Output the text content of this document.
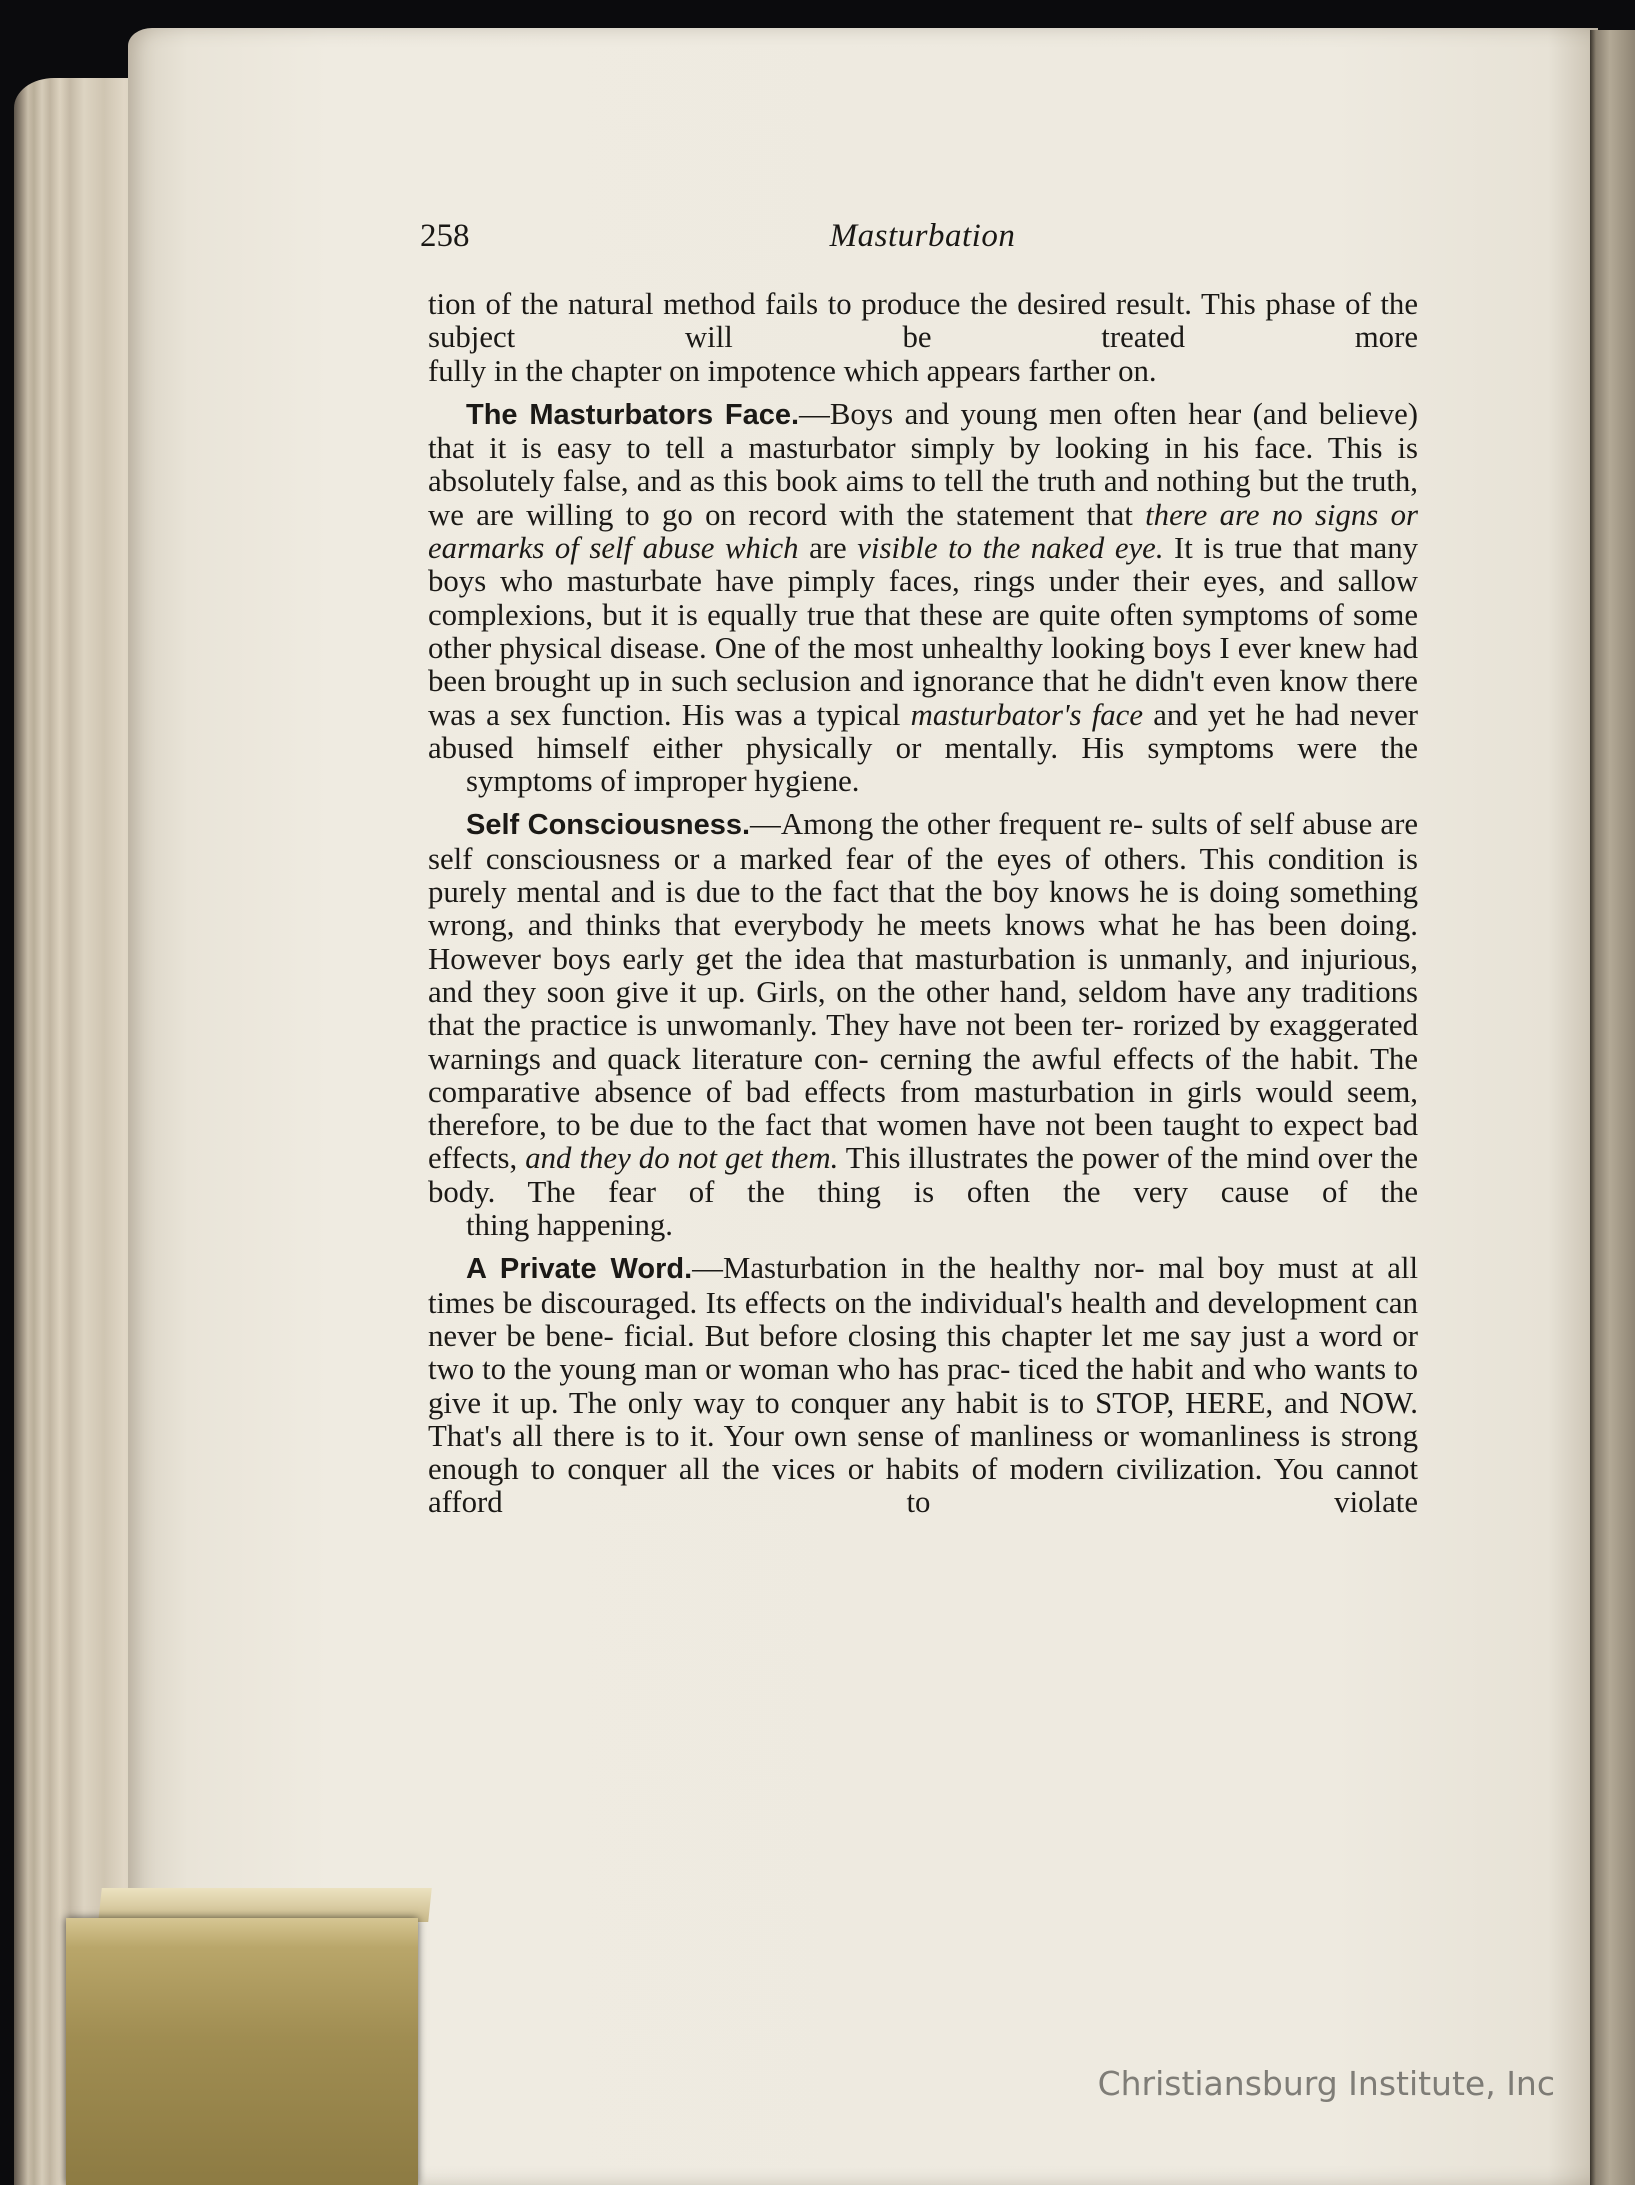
258	Masturbation

tion of the natural method fails to produce the desired result. This phase of the subject will be treated more
fully in the chapter on impotence which appears farther on.

The Masturbators Face.—Boys and young men often hear (and believe) that it is easy to tell a masturbator simply by looking in his face. This is absolutely false, and as this book aims to tell the truth and nothing but the truth, we are willing to go on record with the statement that there are no signs or earmarks of self abuse which are visible to the naked eye. It is true that many boys who masturbate have pimply faces, rings under their eyes, and sallow complexions, but it is equally true that these are quite often symptoms of some other physical disease. One of the most unhealthy looking boys I ever knew had been brought up in such seclusion and ignorance that he didn't even know there was a sex function. His was a typical masturbator's face and yet he had never abused himself either physically or mentally. His symptoms were the
symptoms of improper hygiene.

Self Consciousness.—Among the other frequent re- sults of self abuse are self consciousness or a marked fear of the eyes of others. This condition is purely mental and is due to the fact that the boy knows he is doing something wrong, and thinks that everybody he meets knows what he has been doing. However boys early get the idea that masturbation is unmanly, and injurious, and they soon give it up. Girls, on the other hand, seldom have any traditions that the practice is unwomanly. They have not been ter- rorized by exaggerated warnings and quack literature con- cerning the awful effects of the habit. The comparative absence of bad effects from masturbation in girls would seem, therefore, to be due to the fact that women have not been taught to expect bad effects, and they do not get them. This illustrates the power of the mind over the body. The fear of the thing is often the very cause of the
thing happening.

A Private Word.—Masturbation in the healthy nor- mal boy must at all times be discouraged. Its effects on the individual's health and development can never be bene- ficial. But before closing this chapter let me say just a word or two to the young man or woman who has prac- ticed the habit and who wants to give it up. The only way to conquer any habit is to STOP, HERE, and NOW. That's all there is to it. Your own sense of manliness or womanliness is strong enough to conquer all the vices or habits of modern civilization. You cannot afford to violate

Christiansburg Institute, Inc
